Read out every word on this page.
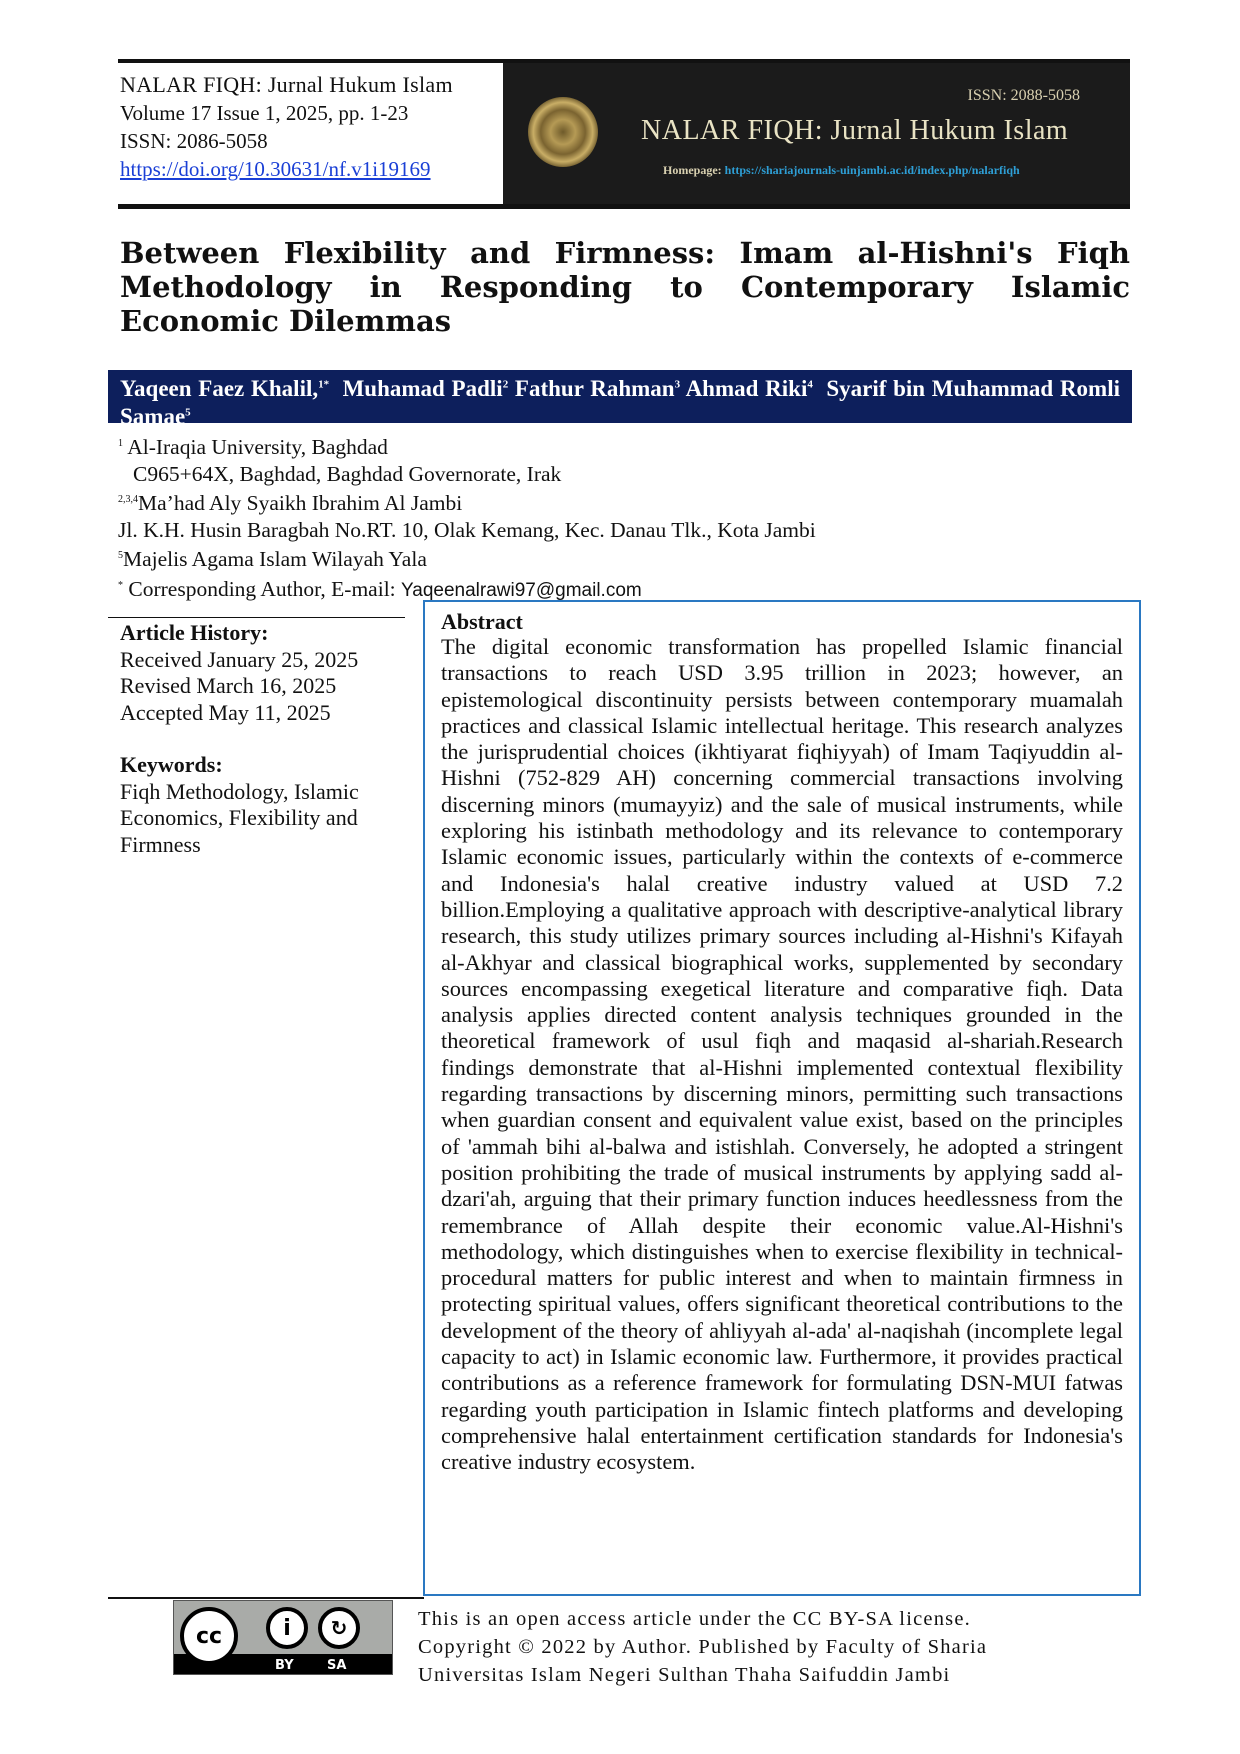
NALAR FIQH: Jurnal Hukum Islam
Volume 17 Issue 1, 2025, pp. 1-23
ISSN: 2086-5058
https://doi.org/10.30631/nf.v1i19169
ISSN: 2088-5058
NALAR FIQH: Jurnal Hukum Islam
Homepage: https://shariajournals-uinjambi.ac.id/index.php/nalarfiqh
Between Flexibility and Firmness: Imam al-Hishni's Fiqh Methodology in Responding to Contemporary Islamic Economic Dilemmas
Yaqeen Faez Khalil,$^{1*}$ Muhamad Padli$^2$ Fathur Rahman$^3$ Ahmad Riki$^4$ Syarif bin Muhammad Romli Samae$^5$
$^1$ Al-Iraqia University, Baghdad
C965+64X, Baghdad, Baghdad Governorate, Irak
$^{2,3,4}$Ma’had Aly Syaikh Ibrahim Al Jambi
Jl. K.H. Husin Baragbah No.RT. 10, Olak Kemang, Kec. Danau Tlk., Kota Jambi
$^5$Majelis Agama Islam Wilayah Yala
* Corresponding Author, E-mail: Yaqeenalrawi97@gmail.com
Article History:
Received January 25, 2025
Revised March 16, 2025
Accepted May 11, 2025
Keywords:
Fiqh Methodology, Islamic Economics, Flexibility and Firmness
Abstract

The digital economic transformation has propelled Islamic financial transactions to reach USD 3.95 trillion in 2023; however, an epistemological discontinuity persists between contemporary muamalah practices and classical Islamic intellectual heritage. This research analyzes the jurisprudential choices (ikhtiyarat fiqhiyyah) of Imam Taqiyuddin al-Hishni (752-829 AH) concerning commercial transactions involving discerning minors (mumayyiz) and the sale of musical instruments, while exploring his istinbath methodology and its relevance to contemporary Islamic economic issues, particularly within the contexts of e-commerce and Indonesia's halal creative industry valued at USD 7.2 billion.Employing a qualitative approach with descriptive-analytical library research, this study utilizes primary sources including al-Hishni's Kifayah al-Akhyar and classical biographical works, supplemented by secondary sources encompassing exegetical literature and comparative fiqh. Data analysis applies directed content analysis techniques grounded in the theoretical framework of usul fiqh and maqasid al-shariah.Research findings demonstrate that al-Hishni implemented contextual flexibility regarding transactions by discerning minors, permitting such transactions when guardian consent and equivalent value exist, based on the principles of 'ammah bihi al-balwa and istishlah. Conversely, he adopted a stringent position prohibiting the trade of musical instruments by applying sadd al-dzari'ah, arguing that their primary function induces heedlessness from the remembrance of Allah despite their economic value.Al-Hishni's methodology, which distinguishes when to exercise flexibility in technical-procedural matters for public interest and when to maintain firmness in protecting spiritual values, offers significant theoretical contributions to the development of the theory of ahliyyah al-ada' al-naqishah (incomplete legal capacity to act) in Islamic economic law. Furthermore, it provides practical contributions as a reference framework for formulating DSN-MUI fatwas regarding youth participation in Islamic fintech platforms and developing comprehensive halal entertainment certification standards for Indonesia's creative industry ecosystem.

cc	i	↻
BY	SA
This is an open access article under the CC BY-SA license.
Copyright © 2022 by Author. Published by Faculty of Sharia
Universitas Islam Negeri Sulthan Thaha Saifuddin Jambi
